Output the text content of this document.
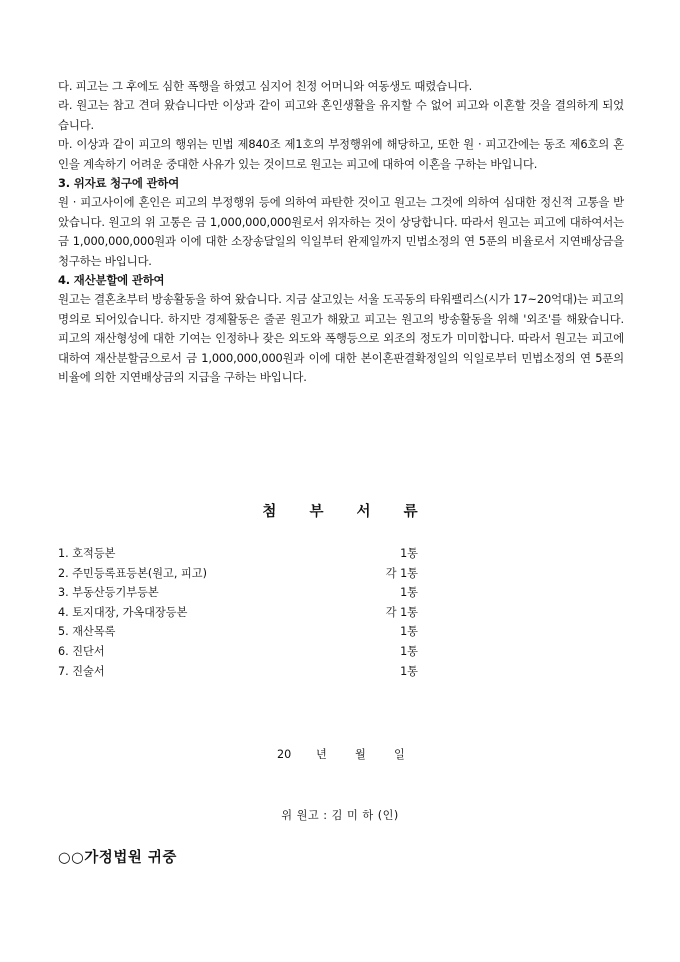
다. 피고는 그 후에도 심한 폭행을 하였고 심지어 친정 어머니와 여동생도 때렸습니다.

라. 원고는 참고 견뎌 왔습니다만 이상과 같이 피고와 혼인생활을 유지할 수 없어 피고와 이혼할 것을 결의하게 되었습니다.

마. 이상과 같이 피고의 행위는 민법 제840조 제1호의 부정행위에 해당하고, 또한 원 · 피고간에는 동조 제6호의 혼인을 계속하기 어려운 중대한 사유가 있는 것이므로 원고는 피고에 대하여 이혼을 구하는 바입니다.

3. 위자료 청구에 관하여

원 · 피고사이에 혼인은 피고의 부정행위 등에 의하여 파탄한 것이고 원고는 그것에 의하여 심대한 정신적 고통을 받았습니다. 원고의 위 고통은 금 1,000,000,000원로서 위자하는 것이 상당합니다. 따라서 원고는 피고에 대하여서는 금 1,000,000,000원과 이에 대한 소장송달일의 익일부터 완제일까지 민법소정의 연 5푼의 비율로서 지연배상금을 청구하는 바입니다.

4. 재산분할에 관하여

원고는 결혼초부터 방송활동을 하여 왔습니다. 지금 살고있는 서울 도곡동의 타워팰리스(시가 17~20억대)는 피고의 명의로 되어있습니다. 하지만 경제활동은 줄곧 원고가 해왔고 피고는 원고의 방송활동을 위해 '외조'를 해왔습니다. 피고의 재산형성에 대한 기여는 인정하나 잦은 외도와 폭행등으로 외조의 정도가 미미합니다. 따라서 원고는 피고에 대하여 재산분할금으로서 금 1,000,000,000원과 이에 대한 본이혼판결확정일의 익일로부터 민법소정의 연 5푼의 비율에 의한 지연배상금의 지급을 구하는 바입니다.

첨 부 서 류
1. 호적등본	1통
2. 주민등록표등본(원고, 피고)	각 1통
3. 부동산등기부등본	1통
4. 토지대장, 가옥대장등본	각 1통
5. 재산목록	1통
6. 진단서	1통
7. 진술서	1통
20 년	월	일
위 원고 : 김 미 하 (인)
○○가정법원 귀중
